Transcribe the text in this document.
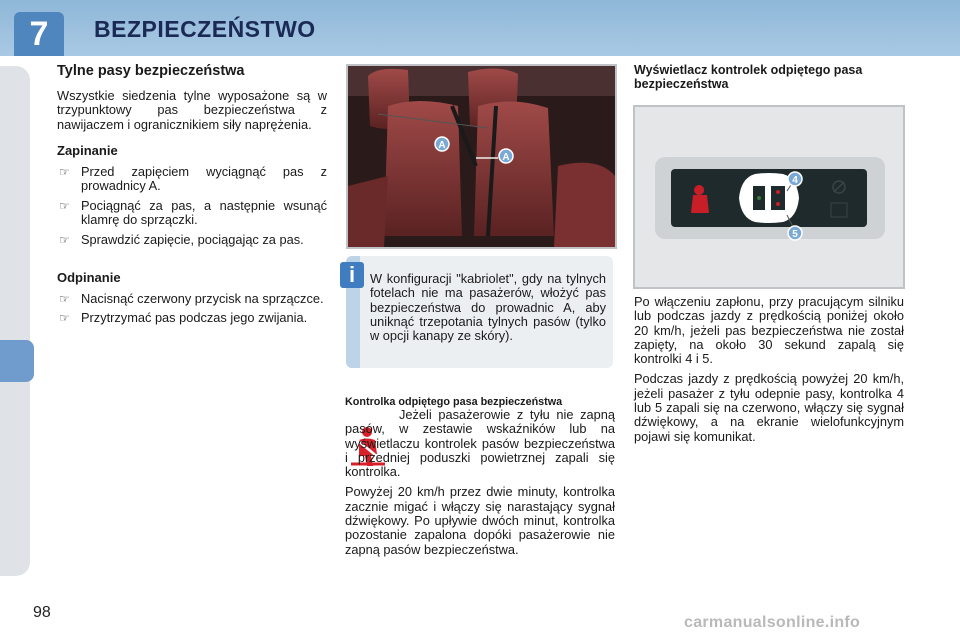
7	BEZPIECZEŃSTWO
Tylne pasy bezpieczeństwa
Wszystkie siedzenia tylne wyposażone są w trzypunktowy pas bezpieczeństwa z nawijaczem i ogranicznikiem siły naprężenia.
Zapinanie
☞ Przed zapięciem wyciągnąć pas z prowadnicy A.
☞ Pociągnąć za pas, a następnie wsunąć klamrę do sprzączki.
☞ Sprawdzić zapięcie, pociągając za pas.
Odpinanie
☞ Nacisnąć czerwony przycisk na sprzączce.
☞ Przytrzymać pas podczas jego zwijania.
A
A
i	W konfiguracji "kabriolet", gdy na tylnych fotelach nie ma pasażerów, włożyć pas bezpieczeństwa do prowadnic A, aby uniknąć trzepotania tylnych pasów (tylko w opcji kanapy ze skóry).
Kontrolka odpiętego pasa bezpieczeństwa
Jeżeli pasażerowie z tyłu nie zapną pasów, w zestawie wskaźników lub na wyświetlaczu kontrolek pasów bezpieczeństwa i przedniej poduszki powietrznej zapali się kontrolka.
Powyżej 20 km/h przez dwie minuty, kontrolka zacznie migać i włączy się narastający sygnał dźwiękowy. Po upływie dwóch minut, kontrolka pozostanie zapalona dopóki pasażerowie nie zapną pasów bezpieczeństwa.
Wyświetlacz kontrolek odpiętego pasa bezpieczeństwa
4
5
Po włączeniu zapłonu, przy pracującym silniku lub podczas jazdy z prędkością poniżej około 20 km/h, jeżeli pas bezpieczeństwa nie został zapięty, na około 30 sekund zapalą się kontrolki 4 i 5.
Podczas jazdy z prędkością powyżej 20 km/h, jeżeli pasażer z tyłu odepnie pasy, kontrolka 4 lub 5 zapali się na czerwono, włączy się sygnał dźwiękowy, a na ekranie wielofunkcyjnym pojawi się komunikat.
98
carmanualsonline.info
